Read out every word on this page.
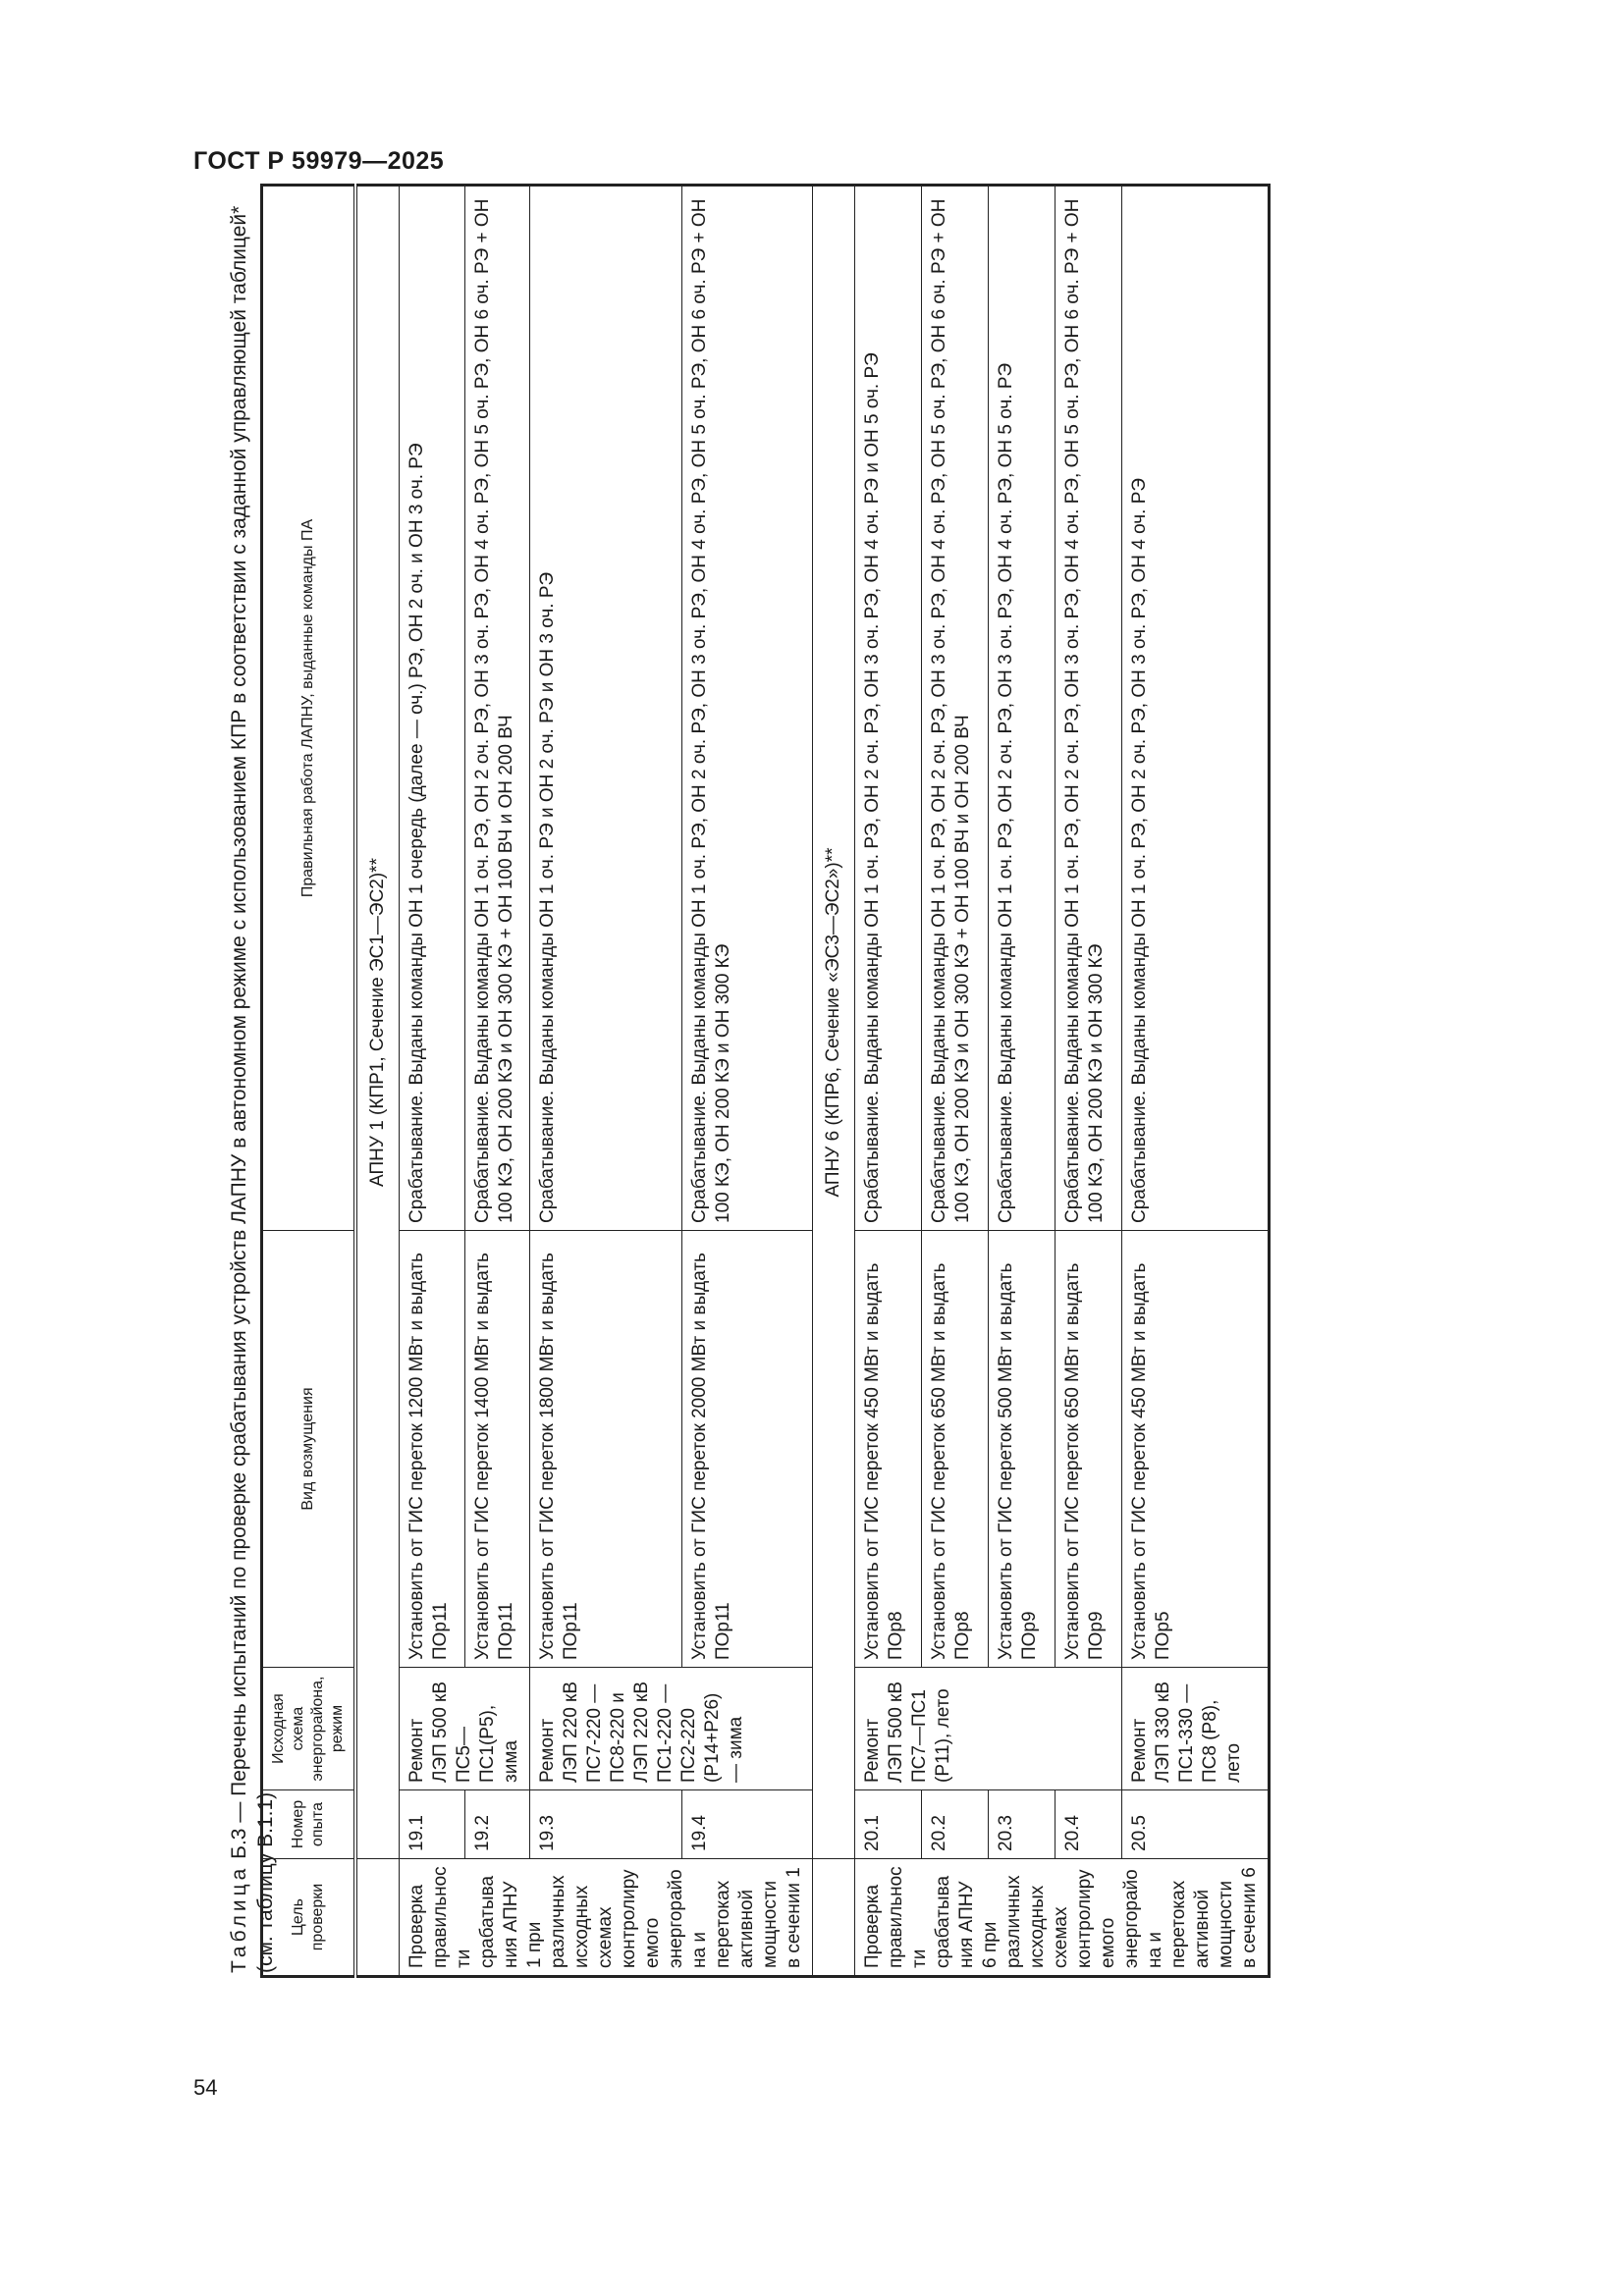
ГОСТ Р 59979—2025
54
Таблица Б.3 — Перечень испытаний по проверке срабатывания устройств ЛАПНУ в автономном режиме с использованием КПР в соответствии с заданной управляющей таблицей* (см. таблицу В.1.1) Цель проверки	Номер опыта	Исходная схема энергорайона, режим	Вид возмущения	Правильная работа ЛАПНУ, выданные команды ПА
	АПНУ 1 (КПР1, Сечение ЭС1—ЭС2)**			
Проверка правильности срабатывания АПНУ 1 при различных исходных схемах контролируемого энергорайона и перетоках активной мощности в сечении 1	19.1	Ремонт ЛЭП 500 кВ ПС5—ПС1(Р5), зима	Установить от ГИС переток 1200 МВт и выдать ПОр11	Срабатывание. Выданы команды ОН 1 очередь (далее — оч.) РЭ, ОН 2 оч. и ОН 3 оч. РЭ
	19.2		Установить от ГИС переток 1400 МВт и выдать ПОр11	Срабатывание. Выданы команды ОН 1 оч. РЭ, ОН 2 оч. РЭ, ОН 3 оч. РЭ, ОН 4 оч. РЭ, ОН 5 оч. РЭ, ОН 6 оч. РЭ + ОН 100 КЭ, ОН 200 КЭ и ОН 300 КЭ + ОН 100 ВЧ и ОН 200 ВЧ
	19.3	Ремонт ЛЭП 220 кВ ПС7-220 — ПС8-220 и ЛЭП 220 кВ ПС1-220 — ПС2-220 (Р14+Р26) — зима	Установить от ГИС переток 1800 МВт и выдать ПОр11	Срабатывание. Выданы команды ОН 1 оч. РЭ и ОН 2 оч. РЭ и ОН 3 оч. РЭ
	19.4		Установить от ГИС переток 2000 МВт и выдать ПОр11	Срабатывание. Выданы команды ОН 1 оч. РЭ, ОН 2 оч. РЭ, ОН 3 оч. РЭ, ОН 4 оч. РЭ, ОН 5 оч. РЭ, ОН 6 оч. РЭ + ОН 100 КЭ, ОН 200 КЭ и ОН 300 КЭ
	АПНУ 6 (КПР6, Сечение «ЭС3—ЭС2»)**			
Проверка правильности срабатывания АПНУ 6 при различных исходных схемах контролируемого энергорайона и перетоках активной мощности в сечении 6	20.1	Ремонт ЛЭП 500 кВ ПС7—ПС1 (Р11), лето	Установить от ГИС переток 450 МВт и выдать ПОр8	Срабатывание. Выданы команды ОН 1 оч. РЭ, ОН 2 оч. РЭ, ОН 3 оч. РЭ, ОН 4 оч. РЭ и ОН 5 оч. РЭ
	20.2		Установить от ГИС переток 650 МВт и выдать ПОр8	Срабатывание. Выданы команды ОН 1 оч. РЭ, ОН 2 оч. РЭ, ОН 3 оч. РЭ, ОН 4 оч. РЭ, ОН 5 оч. РЭ, ОН 6 оч. РЭ + ОН 100 КЭ, ОН 200 КЭ и ОН 300 КЭ + ОН 100 ВЧ и ОН 200 ВЧ
	20.3		Установить от ГИС переток 500 МВт и выдать ПОр9	Срабатывание. Выданы команды ОН 1 оч. РЭ, ОН 2 оч. РЭ, ОН 3 оч. РЭ, ОН 4 оч. РЭ, ОН 5 оч. РЭ
	20.4		Установить от ГИС переток 650 МВт и выдать ПОр9	Срабатывание. Выданы команды ОН 1 оч. РЭ, ОН 2 оч. РЭ, ОН 3 оч. РЭ, ОН 4 оч. РЭ, ОН 5 оч. РЭ, ОН 6 оч. РЭ + ОН 100 КЭ, ОН 200 КЭ и ОН 300 КЭ
	20.5	Ремонт ЛЭП 330 кВ ПС1-330 — ПС8 (Р8), лето	Установить от ГИС переток 450 МВт и выдать ПОр5	Срабатывание. Выданы команды ОН 1 оч. РЭ, ОН 2 оч. РЭ, ОН 3 оч. РЭ, ОН 4 оч. РЭ
